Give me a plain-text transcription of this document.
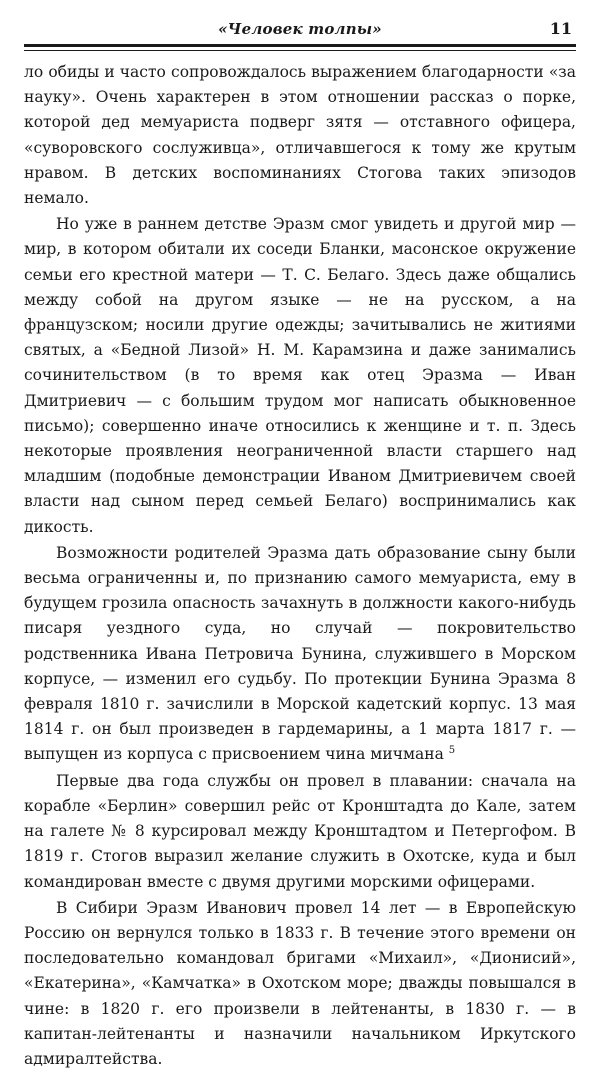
«Человек толпы»	11

ло обиды и часто сопровождалось выражением благодарности «за науку». Очень характерен в этом отношении рассказ о порке, которой дед мемуариста подверг зятя — отставного офицера, «суворовского сослуживца», отличавшегося к тому же крутым нравом. В детских воспоминаниях Стогова таких эпизодов немало.

Но уже в раннем детстве Эразм смог увидеть и другой мир — мир, в котором обитали их соседи Бланки, масонское окружение семьи его крестной матери — Т. С. Белаго. Здесь даже общались между собой на другом языке — не на русском, а на французском; носили другие одежды; зачитывались не житиями святых, а «Бедной Лизой» Н. М. Карамзина и даже занимались сочинительством (в то время как отец Эразма — Иван Дмитриевич — с большим трудом мог написать обыкновенное письмо); совершенно иначе относились к женщине и т. п. Здесь некоторые проявления неограниченной власти старшего над младшим (подобные демонстрации Иваном Дмитриевичем своей власти над сыном перед семьей Белаго) воспринимались как дикость.

Возможности родителей Эразма дать образование сыну были весьма ограниченны и, по признанию самого мемуариста, ему в будущем грозила опасность зачахнуть в должности какого-нибудь писаря уездного суда, но случай — покровительство родственника Ивана Петровича Бунина, служившего в Морском корпусе, — изменил его судьбу. По протекции Бунина Эразма 8 февраля 1810 г. зачислили в Морской кадетский корпус. 13 мая 1814 г. он был произведен в гардемарины, а 1 марта 1817 г. — выпущен из корпуса с присвоением чина мичмана $^5$

Первые два года службы он провел в плавании: сначала на корабле «Берлин» совершил рейс от Кронштадта до Кале, затем на галете № 8 курсировал между Кронштадтом и Петергофом. В 1819 г. Стогов выразил желание служить в Охотске, куда и был командирован вместе с двумя другими морскими офицерами.

В Сибири Эразм Иванович провел 14 лет — в Европейскую Россию он вернулся только в 1833 г. В течение этого времени он последовательно командовал бригами «Михаил», «Дионисий», «Екатерина», «Камчатка» в Охотском море; дважды повышался в чине: в 1820 г. его произвели в лейтенанты, в 1830 г. — в капитан-лейтенанты и назначили начальником Иркутского адмиралтейства.
